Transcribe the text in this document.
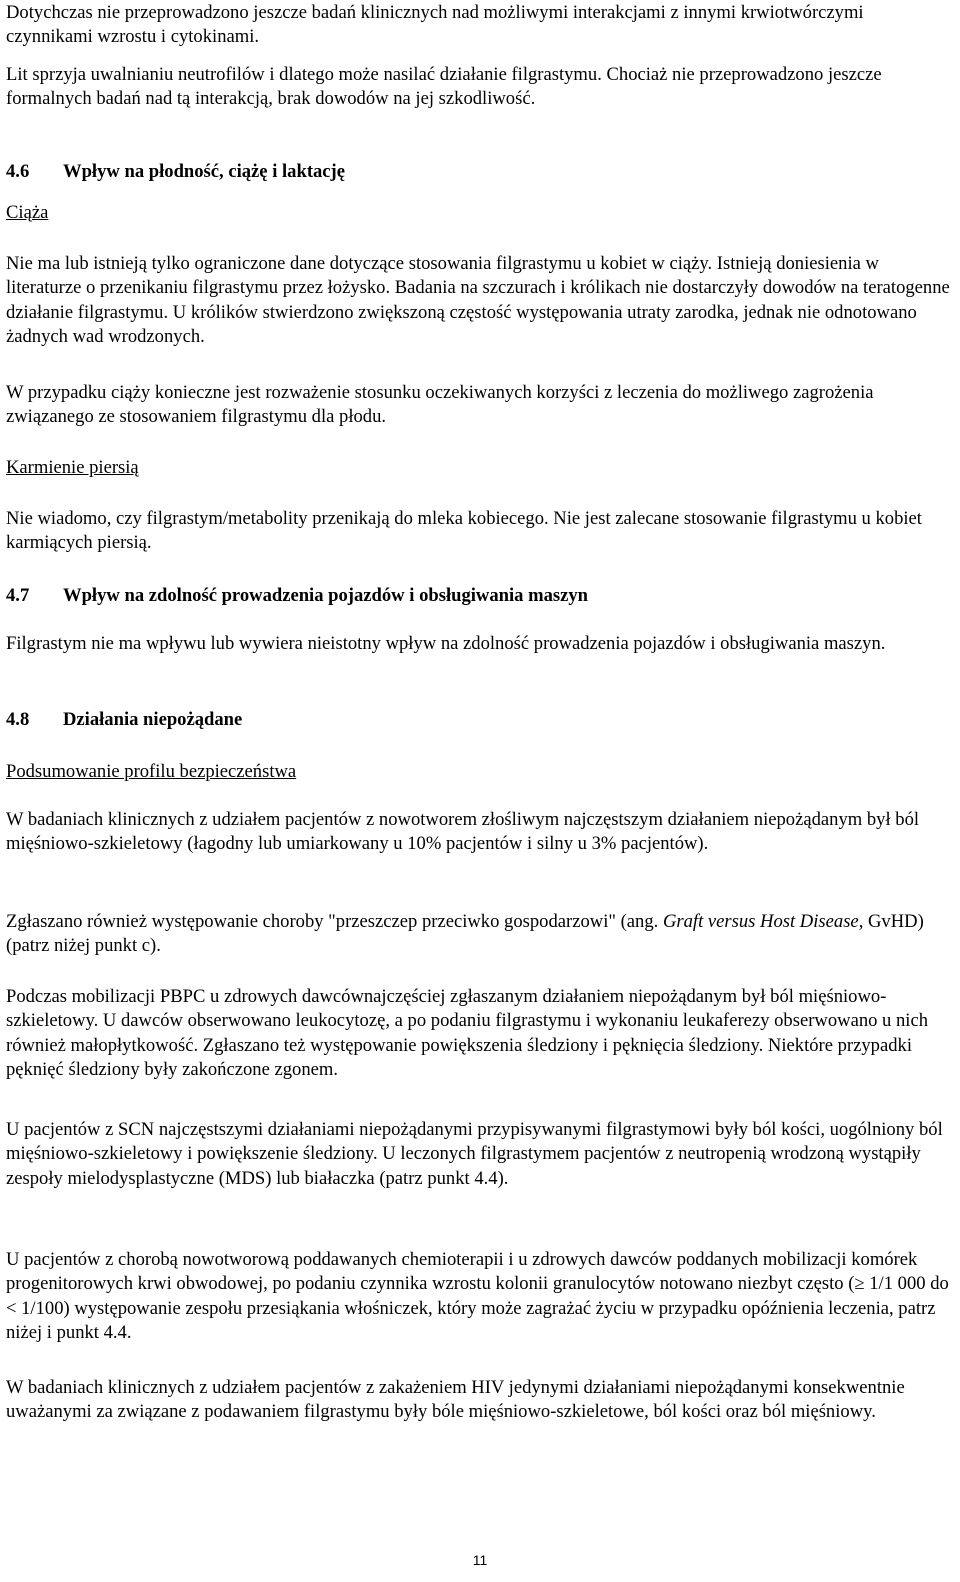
Dotychczas nie przeprowadzono jeszcze badań klinicznych nad możliwymi interakcjami z innymi krwiotwórczymi czynnikami wzrostu i cytokinami.

Lit sprzyja uwalnianiu neutrofilów i dlatego może nasilać działanie filgrastymu. Chociaż nie przeprowadzono jeszcze formalnych badań nad tą interakcją, brak dowodów na jej szkodliwość.

4.6 Wpływ na płodność, ciążę i laktację

Ciąża

Nie ma lub istnieją tylko ograniczone dane dotyczące stosowania filgrastymu u kobiet w ciąży. Istnieją doniesienia w literaturze o przenikaniu filgrastymu przez łożysko. Badania na szczurach i królikach nie dostarczyły dowodów na teratogenne działanie filgrastymu. U królików stwierdzono zwiększoną częstość występowania utraty zarodka, jednak nie odnotowano żadnych wad wrodzonych.

W przypadku ciąży konieczne jest rozważenie stosunku oczekiwanych korzyści z leczenia do możliwego zagrożenia związanego ze stosowaniem filgrastymu dla płodu.

Karmienie piersią

Nie wiadomo, czy filgrastym/metabolity przenikają do mleka kobiecego. Nie jest zalecane stosowanie filgrastymu u kobiet karmiących piersią.

4.7 Wpływ na zdolność prowadzenia pojazdów i obsługiwania maszyn

Filgrastym nie ma wpływu lub wywiera nieistotny wpływ na zdolność prowadzenia pojazdów i obsługiwania maszyn.

4.8 Działania niepożądane

Podsumowanie profilu bezpieczeństwa

W badaniach klinicznych z udziałem pacjentów z nowotworem złośliwym najczęstszym działaniem niepożądanym był ból mięśniowo-szkieletowy (łagodny lub umiarkowany u 10% pacjentów i silny u 3% pacjentów).

Zgłaszano również występowanie choroby "przeszczep przeciwko gospodarzowi" (ang. Graft versus Host Disease, GvHD) (patrz niżej punkt c).

Podczas mobilizacji PBPC u zdrowych dawcównajczęściej zgłaszanym działaniem niepożądanym był ból mięśniowo-szkieletowy. U dawców obserwowano leukocytozę, a po podaniu filgrastymu i wykonaniu leukaferezy obserwowano u nich również małopłytkowość. Zgłaszano też występowanie powiększenia śledziony i pęknięcia śledziony. Niektóre przypadki pęknięć śledziony były zakończone zgonem.

U pacjentów z SCN najczęstszymi działaniami niepożądanymi przypisywanymi filgrastymowi były ból kości, uogólniony ból mięśniowo-szkieletowy i powiększenie śledziony. U leczonych filgrastymem pacjentów z neutropenią wrodzoną wystąpiły zespoły mielodysplastyczne (MDS) lub białaczka (patrz punkt 4.4).

U pacjentów z chorobą nowotworową poddawanych chemioterapii i u zdrowych dawców poddanych mobilizacji komórek progenitorowych krwi obwodowej, po podaniu czynnika wzrostu kolonii granulocytów notowano niezbyt często (≥ 1/1 000 do < 1/100) występowanie zespołu przesiąkania włośniczek, który może zagrażać życiu w przypadku opóźnienia leczenia, patrz niżej i punkt 4.4.

W badaniach klinicznych z udziałem pacjentów z zakażeniem HIV jedynymi działaniami niepożądanymi konsekwentnie uważanymi za związane z podawaniem filgrastymu były bóle mięśniowo-szkieletowe, ból kości oraz ból mięśniowy.

11
